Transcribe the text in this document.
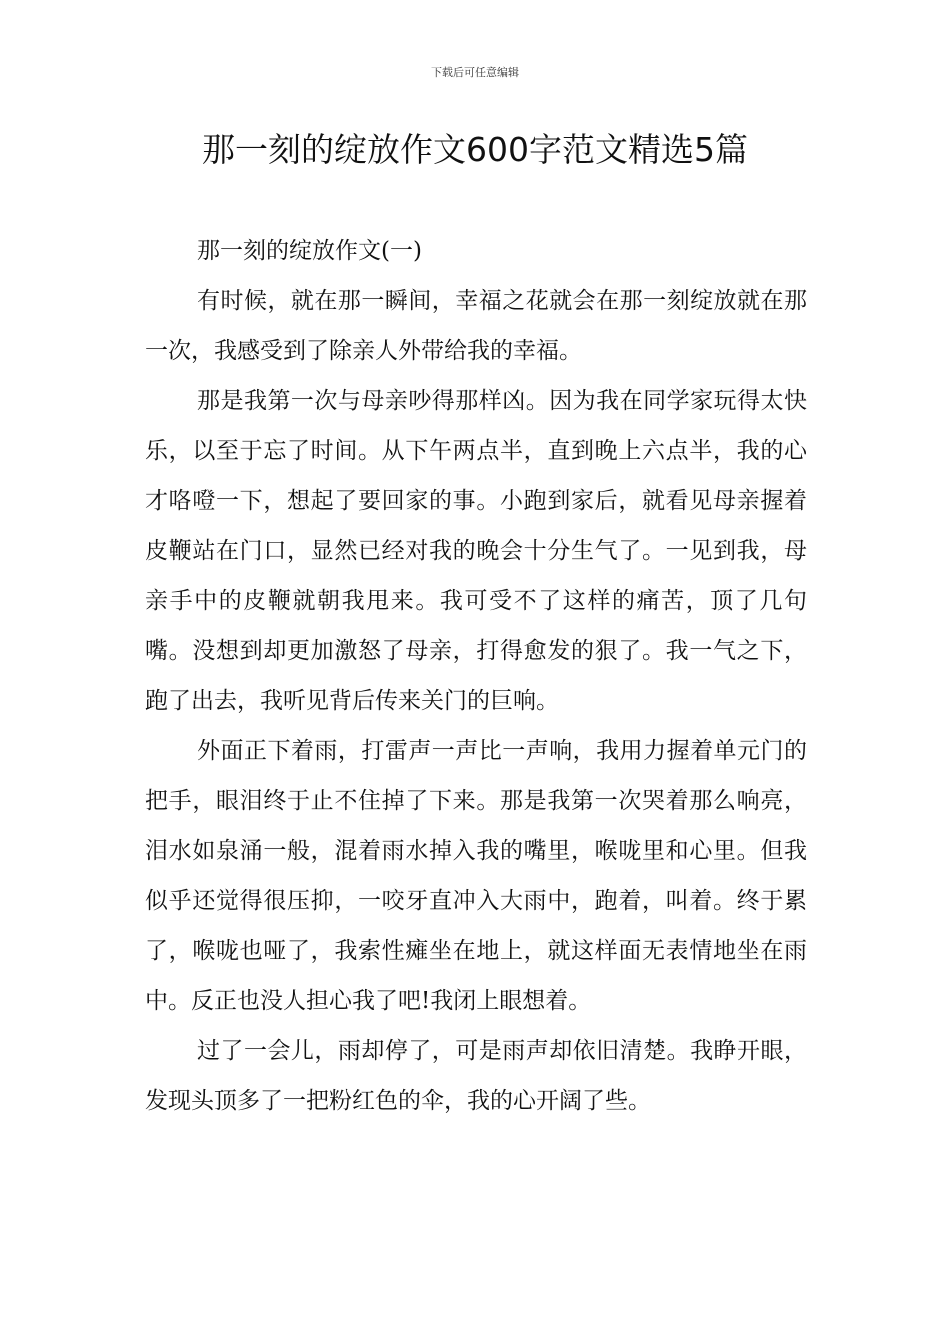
下载后可任意编辑
那一刻的绽放作文600字范文精选5篇

那一刻的绽放作文(一)

有时候，就在那一瞬间，幸福之花就会在那一刻绽放就在那一次，我感受到了除亲人外带给我的幸福。

那是我第一次与母亲吵得那样凶。因为我在同学家玩得太快乐，以至于忘了时间。从下午两点半，直到晚上六点半，我的心才咯噔一下，想起了要回家的事。小跑到家后，就看见母亲握着皮鞭站在门口，显然已经对我的晚会十分生气了。一见到我，母亲手中的皮鞭就朝我甩来。我可受不了这样的痛苦，顶了几句嘴。没想到却更加激怒了母亲，打得愈发的狠了。我一气之下，跑了出去，我听见背后传来关门的巨响。

外面正下着雨，打雷声一声比一声响，我用力握着单元门的把手，眼泪终于止不住掉了下来。那是我第一次哭着那么响亮，泪水如泉涌一般，混着雨水掉入我的嘴里，喉咙里和心里。但我似乎还觉得很压抑，一咬牙直冲入大雨中，跑着，叫着。终于累了，喉咙也哑了，我索性瘫坐在地上，就这样面无表情地坐在雨中。反正也没人担心我了吧!我闭上眼想着。

过了一会儿，雨却停了，可是雨声却依旧清楚。我睁开眼，发现头顶多了一把粉红色的伞，我的心开阔了些。
